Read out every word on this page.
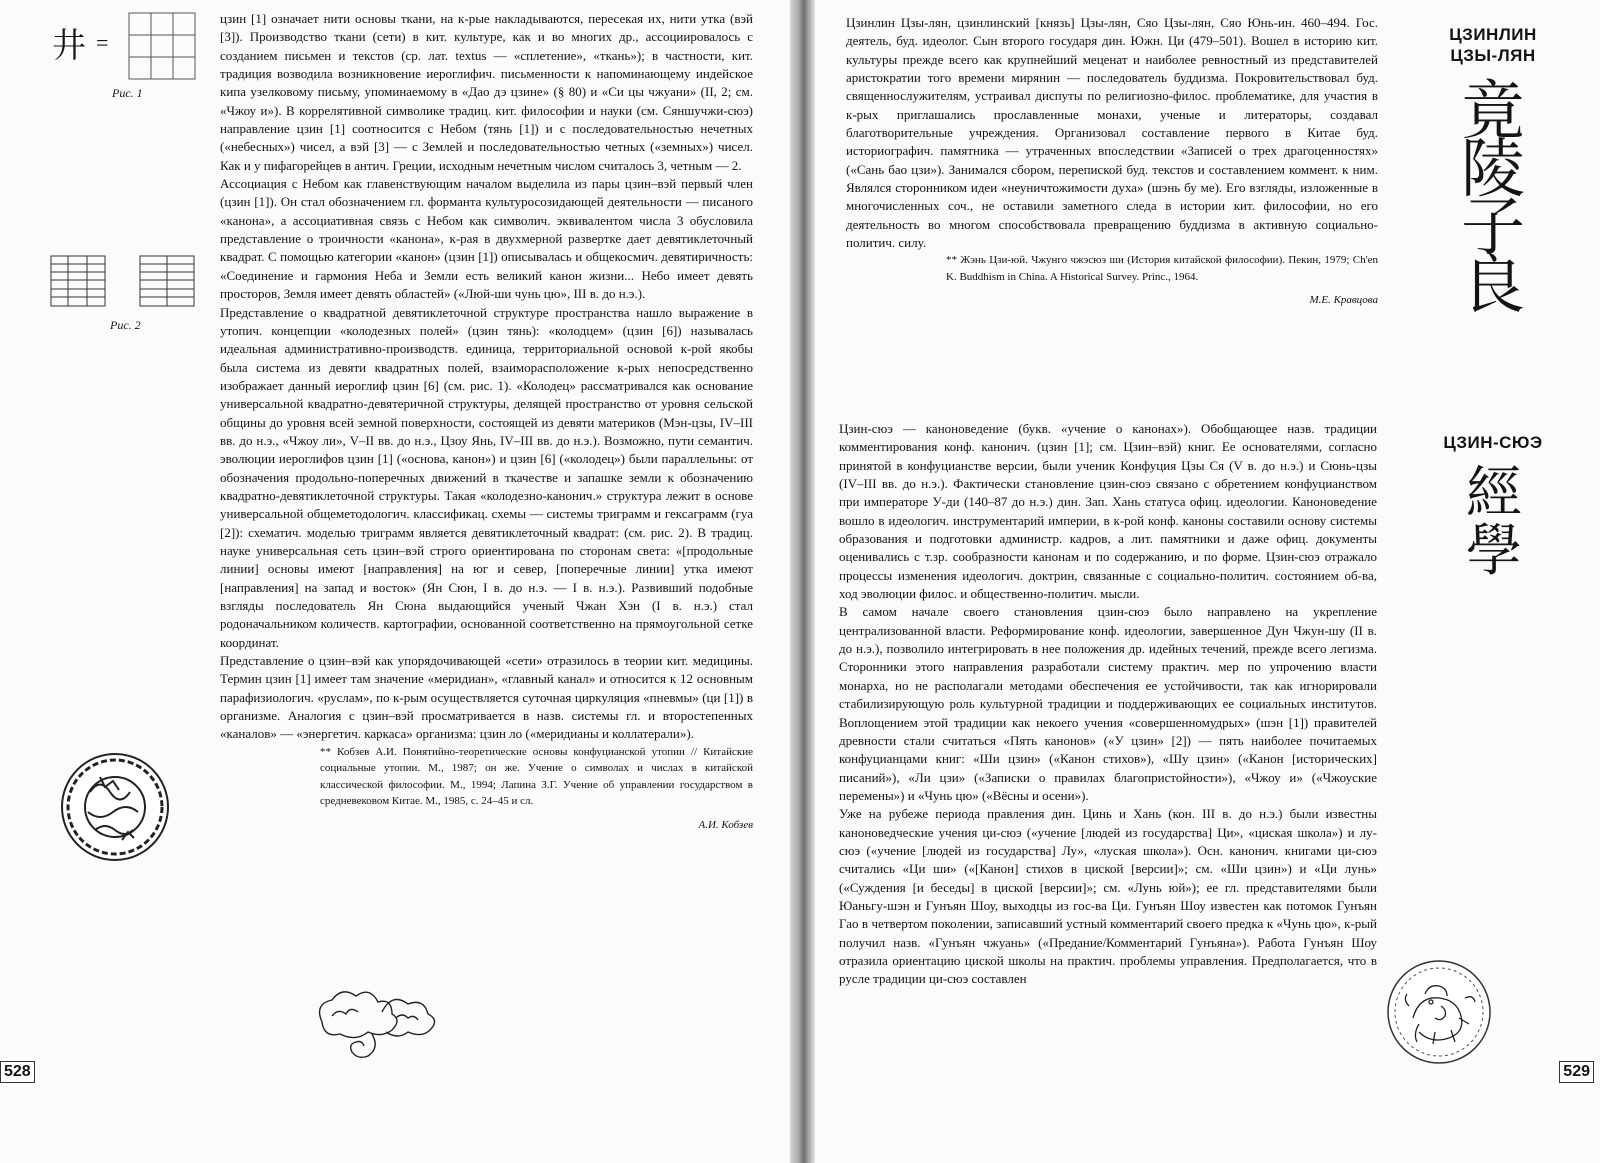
井 =
Рис. 1
Рис. 2

цзин [1] означает нити основы ткани, на к-рые накладываются, пересекая их, нити утка (вэй [3]). Производство ткани (сети) в кит. культуре, как и во многих др., ассоциировалось с созданием письмен и текстов (ср. лат. textus — «сплетение», «ткань»); в частности, кит. традиция возводила возникновение иероглифич. письменности к напоминающему индейское кипа узелковому письму, упоминаемому в «Дао дэ цзине» (§ 80) и «Си цы чжуани» (II, 2; см. «Чжоу и»). В коррелятивной символике традиц. кит. философии и науки (см. Сяншучжи-сюэ) направление цзин [1] соотносится с Небом (тянь [1]) и с последовательностью нечетных («небесных») чисел, а вэй [3] — с Землей и последовательностью четных («земных») чисел. Как и у пифагорейцев в антич. Греции, исходным нечетным числом считалось 3, четным — 2.

Ассоциация с Небом как главенствующим началом выделила из пары цзин–вэй первый член (цзин [1]). Он стал обозначением гл. форманта культуросозидающей деятельности — писаного «канона», а ассоциативная связь с Небом как символич. эквивалентом числа 3 обусловила представление о троичности «канона», к-рая в двухмерной развертке дает девятиклеточный квадрат. С помощью категории «канон» (цзин [1]) описывалась и общекосмич. девятиричность: «Соединение и гармония Неба и Земли есть великий канон жизни... Небо имеет девять простоpов, Земля имеет девять областей» («Люй-ши чунь цю», III в. до н.э.).

Представление о квадратной девятиклеточной структуре пространства нашло выражение в утопич. концепции «колодезных полей» (цзин тянь): «колодцем» (цзин [6]) называлась идеальная административно-производств. единица, территориальной основой к-рой якобы была система из девяти квадратных полей, взаиморасположение к-рых непосредственно изображает данный иероглиф цзин [6] (см. рис. 1). «Колодец» рассматривался как основание универсальной квадратно-девятеричной структуры, делящей пространство от уровня сельской общины до уровня всей земной поверхности, состоящей из девяти материков (Мэн-цзы, IV–III вв. до н.э., «Чжоу ли», V–II вв. до н.э., Цзоу Янь, IV–III вв. до н.э.). Возможно, пути семантич. эволюции иероглифов цзин [1] («основа, канон») и цзин [6] («колодец») были параллельны: от обозначения продольно-поперечных движений в ткачестве и запашке земли к обозначению квадратно-девятиклеточной структуры. Такая «колодезно-канонич.» структура лежит в основе универсальной общеметодологич. классификац. схемы — системы триграмм и гексаграмм (гуа [2]): схематич. моделью триграмм является девятиклеточный квадрат: (см. рис. 2). В традиц. науке универсальная сеть цзин–вэй строго ориентирована по сторонам света: «[продольные линии] основы имеют [направления] на юг и север, [поперечные линии] утка имеют [направления] на запад и восток» (Ян Сюн, I в. до н.э. — I в. н.э.). Развивший подобные взгляды последователь Ян Сюна выдающийся ученый Чжан Хэн (I в. н.э.) стал родоначальником количеств. картографии, основанной соответственно на прямоугольной сетке координат.

Представление о цзин–вэй как упорядочивающей «сети» отразилось в теории кит. медицины. Термин цзин [1] имеет там значение «меридиан», «главный канал» и относится к 12 основным парафизиологич. «руслам», по к-рым осуществляется суточная циркуляция «пневмы» (ци [1]) в организме. Аналогия с цзин–вэй просматривается в назв. системы гл. и второстепенных «каналов» — «энергетич. каркаса» организма: цзин ло («меридианы и коллатерали»).

** Кобзев А.И. Понятийно-теоретические основы конфуцианской утопии // Китайские социальные утопии. М., 1987; он же. Учение о символах и числах в китайской классической философии. М., 1994; Лапина З.Г. Учение об управлении государством в средневековом Китае. М., 1985, с. 24–45 и сл.

А.И. Кобзев
528

Цзинлин Цзы-лян, цзинлинский [князь] Цзы-лян, Сяо Цзы-лян, Сяо Юнь-ин. 460–494. Гос. деятель, буд. идеолог. Сын второго государя дин. Южн. Ци (479–501). Вошел в историю кит. культуры прежде всего как крупнейший меценат и наиболее ревностный из представителей аристократии того времени мирянин — последователь буддизма. Покровительствовал буд. священнослужителям, устраивал диспуты по религиозно-филос. проблематике, для участия в к-рых приглашались прославленные монахи, ученые и литераторы, создавал благотворительные учреждения. Организовал составление первого в Китае буд. историографич. памятника — утраченных впоследствии «Записей о трех драгоценностях» («Сань бао цзи»). Занимался сбором, перепиской буд. текстов и составлением коммент. к ним. Являлся сторонником идеи «неуничтожимости духа» (шэнь бу ме). Его взгляды, изложенные в многочисленных соч., не оставили заметного следа в истории кит. философии, но его деятельность во многом способствовала превращению буддизма в активную социально-политич. силу.

** Жэнь Цзи-юй. Чжунго чжэсюэ ши (История китайской философии). Пекин, 1979; Ch'en K. Buddhism in China. A Historical Survey. Princ., 1964.

М.Е. Кравцова
ЦЗИНЛИН
ЦЗЫ-ЛЯН
竟
陵
子
良

Цзин-сюэ — каноноведение (букв. «учение о канонах»). Обобщающее назв. традиции комментирования конф. канонич. (цзин [1]; см. Цзин–вэй) книг. Ее основателями, согласно принятой в конфуцианстве версии, были ученик Конфуция Цзы Ся (V в. до н.э.) и Сюнь-цзы (IV–III вв. до н.э.). Фактически становление цзин-сюэ связано с обретением конфуцианством при императоре У-ди (140–87 до н.э.) дин. Зап. Хань статуса офиц. идеологии. Каноноведение вошло в идеологич. инструментарий империи, в к-рой конф. каноны составили основу системы образования и подготовки администр. кадров, а лит. памятники и даже офиц. документы оценивались с т.зр. сообразности канонам и по содержанию, и по форме. Цзин-сюэ отражало процессы изменения идеологич. доктрин, связанные с социально-политич. состоянием об-ва, ход эволюции филос. и общественно-политич. мысли.

В самом начале своего становления цзин-сюэ было направлено на укрепление централизованной власти. Реформирование конф. идеологии, завершенное Дун Чжун-шу (II в. до н.э.), позволило интегрировать в нее положения др. идейных течений, прежде всего легизма. Сторонники этого направления разработали систему практич. мер по упрочению власти монарха, но не располагали методами обеспечения ее устойчивости, так как игнорировали стабилизирующую роль культурной традиции и поддерживающих ее социальных институтов. Воплощением этой традиции как некоего учения «совершенномудрых» (шэн [1]) правителей древности стали считаться «Пять канонов» («У цзин» [2]) — пять наиболее почитаемых конфуцианцами книг: «Ши цзин» («Канон стихов»), «Шу цзин» («Канон [исторических] писаний»), «Ли цзи» («Записки о правилах благопристойности»), «Чжоу и» («Чжоуские перемены») и «Чунь цю» («Вёсны и осени»).

Уже на рубеже периода правления дин. Цинь и Хань (кон. III в. до н.э.) были известны каноноведческие учения ци-сюэ («учение [людей из государства] Ци», «циская школа») и лу-сюэ («учение [людей из государства] Лу», «луская школа»). Осн. канонич. книгами ци-сюэ считались «Ци ши» («[Канон] стихов в циской [версии]»; см. «Ши цзин») и «Ци лунь» («Суждения [и беседы] в циской [версии]»; см. «Лунь юй»); ее гл. представителями были Юаньгу-шэн и Гунъян Шоу, выходцы из гос-ва Ци. Гунъян Шоу известен как потомок Гунъян Гао в четвертом поколении, записавший устный комментарий своего предка к «Чунь цю», к-рый получил назв. «Гунъян чжуань» («Предание/Комментарий Гунъяна»). Работа Гунъян Шоу отразила ориентацию циской школы на практич. проблемы управления. Предполагается, что в русле традиции ци-сюэ составлен

ЦЗИН-СЮЭ
經
學
529
